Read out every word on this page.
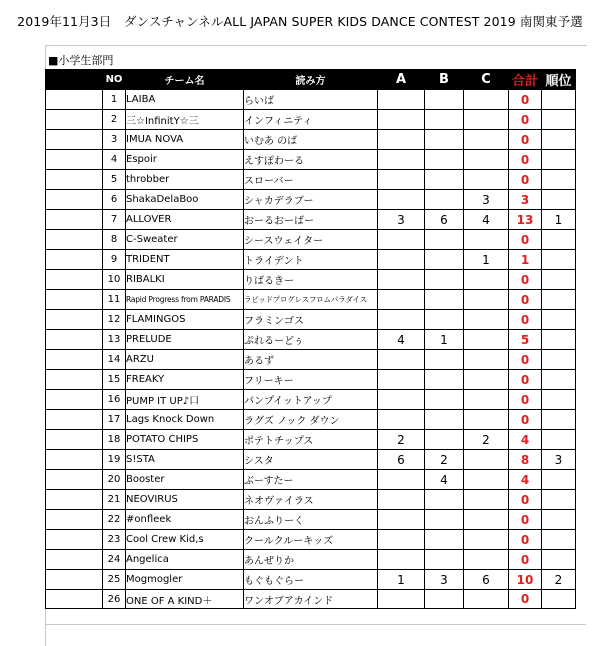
2019年11月3日　ダンスチャンネルALL JAPAN SUPER KIDS DANCE CONTEST 2019 南関東予選
■小学生部門
	NO	チーム名	読み方	A	B	C	合計	順位
	1	LAIBA	らいば				0	
	2	三☆InfinitY☆三	インフィニティ				0	
	3	IMUA NOVA	いむあ のば				0	
	4	Espoir	えすぽわーる				0	
	5	throbber	スローバー				0	
	6	ShakaDelaBoo	シャカデラブー			3	3	
	7	ALLOVER	おーるおーばー	3	6	4	13	1
	8	C-Sweater	シースウェイター				0	
	9	TRIDENT	トライデント			1	1	
	10	RIBALKI	りばるきー				0	
	11	Rapid Progress from PARADIS	ラピッドプログレスフロムパラダイス				0	
	12	FLAMINGOS	フラミンゴス				0	
	13	PRELUDE	ぷれるーどぅ	4	1		5	
	14	ARZU	あるず				0	
	15	FREAKY	フリーキー				0	
	16	PUMP IT UP♪口	パンプイットアップ				0	
	17	Lags Knock Down	ラグズ ノック ダウン				0	
	18	POTATO CHIPS	ポテトチップス	2		2	4	
	19	S!STA	シスタ	6	2		8	3
	20	Booster	ぶーすたー		4		4	
	21	NEOVIRUS	ネオヴァイラス				0	
	22	#onfleek	おんふりーく				0	
	23	Cool Crew Kid,s	クールクルーキッズ				0	
	24	Angelica	あんぜりか				0	
	25	Mogmogler	もぐもぐらー	1	3	6	10	2
	26	ONE OF A KIND＋	ワンオブアカインド				0	
